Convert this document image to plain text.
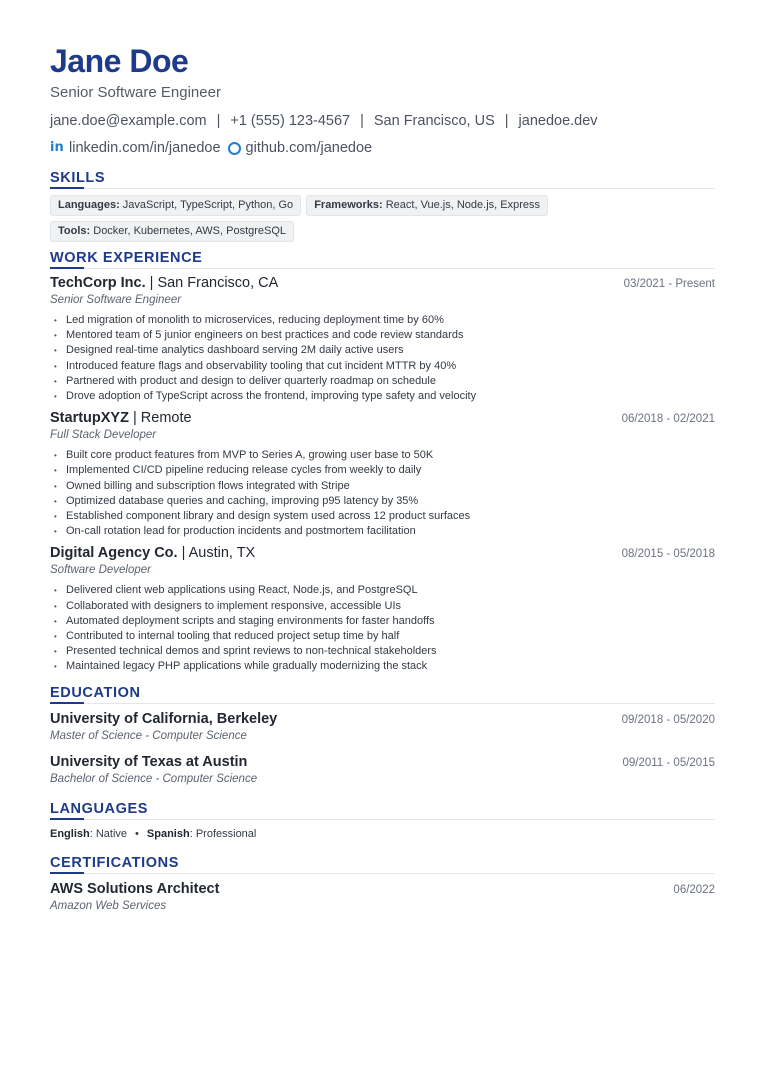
Jane Doe
Senior Software Engineer
jane.doe@example.com | +1 (555) 123-4567 | San Francisco, US | janedoe.dev
in linkedin.com/in/janedoe github.com/janedoe
SKILLS
Languages: JavaScript, TypeScript, Python, Go	Frameworks: React, Vue.js, Node.js, Express
Tools: Docker, Kubernetes, AWS, PostgreSQL
WORK EXPERIENCE
TechCorp Inc. | San Francisco, CA	03/2021 - Present
Senior Software Engineer
• Led migration of monolith to microservices, reducing deployment time by 60%
• Mentored team of 5 junior engineers on best practices and code review standards
• Designed real-time analytics dashboard serving 2M daily active users
• Introduced feature flags and observability tooling that cut incident MTTR by 40%
• Partnered with product and design to deliver quarterly roadmap on schedule
• Drove adoption of TypeScript across the frontend, improving type safety and velocity
StartupXYZ | Remote	06/2018 - 02/2021
Full Stack Developer
• Built core product features from MVP to Series A, growing user base to 50K
• Implemented CI/CD pipeline reducing release cycles from weekly to daily
• Owned billing and subscription flows integrated with Stripe
• Optimized database queries and caching, improving p95 latency by 35%
• Established component library and design system used across 12 product surfaces
• On-call rotation lead for production incidents and postmortem facilitation
Digital Agency Co. | Austin, TX	08/2015 - 05/2018
Software Developer
• Delivered client web applications using React, Node.js, and PostgreSQL
• Collaborated with designers to implement responsive, accessible UIs
• Automated deployment scripts and staging environments for faster handoffs
• Contributed to internal tooling that reduced project setup time by half
• Presented technical demos and sprint reviews to non-technical stakeholders
• Maintained legacy PHP applications while gradually modernizing the stack
EDUCATION
University of California, Berkeley	09/2018 - 05/2020
Master of Science - Computer Science
University of Texas at Austin	09/2011 - 05/2015
Bachelor of Science - Computer Science
LANGUAGES
English: Native • Spanish: Professional
CERTIFICATIONS
AWS Solutions Architect	06/2022
Amazon Web Services
